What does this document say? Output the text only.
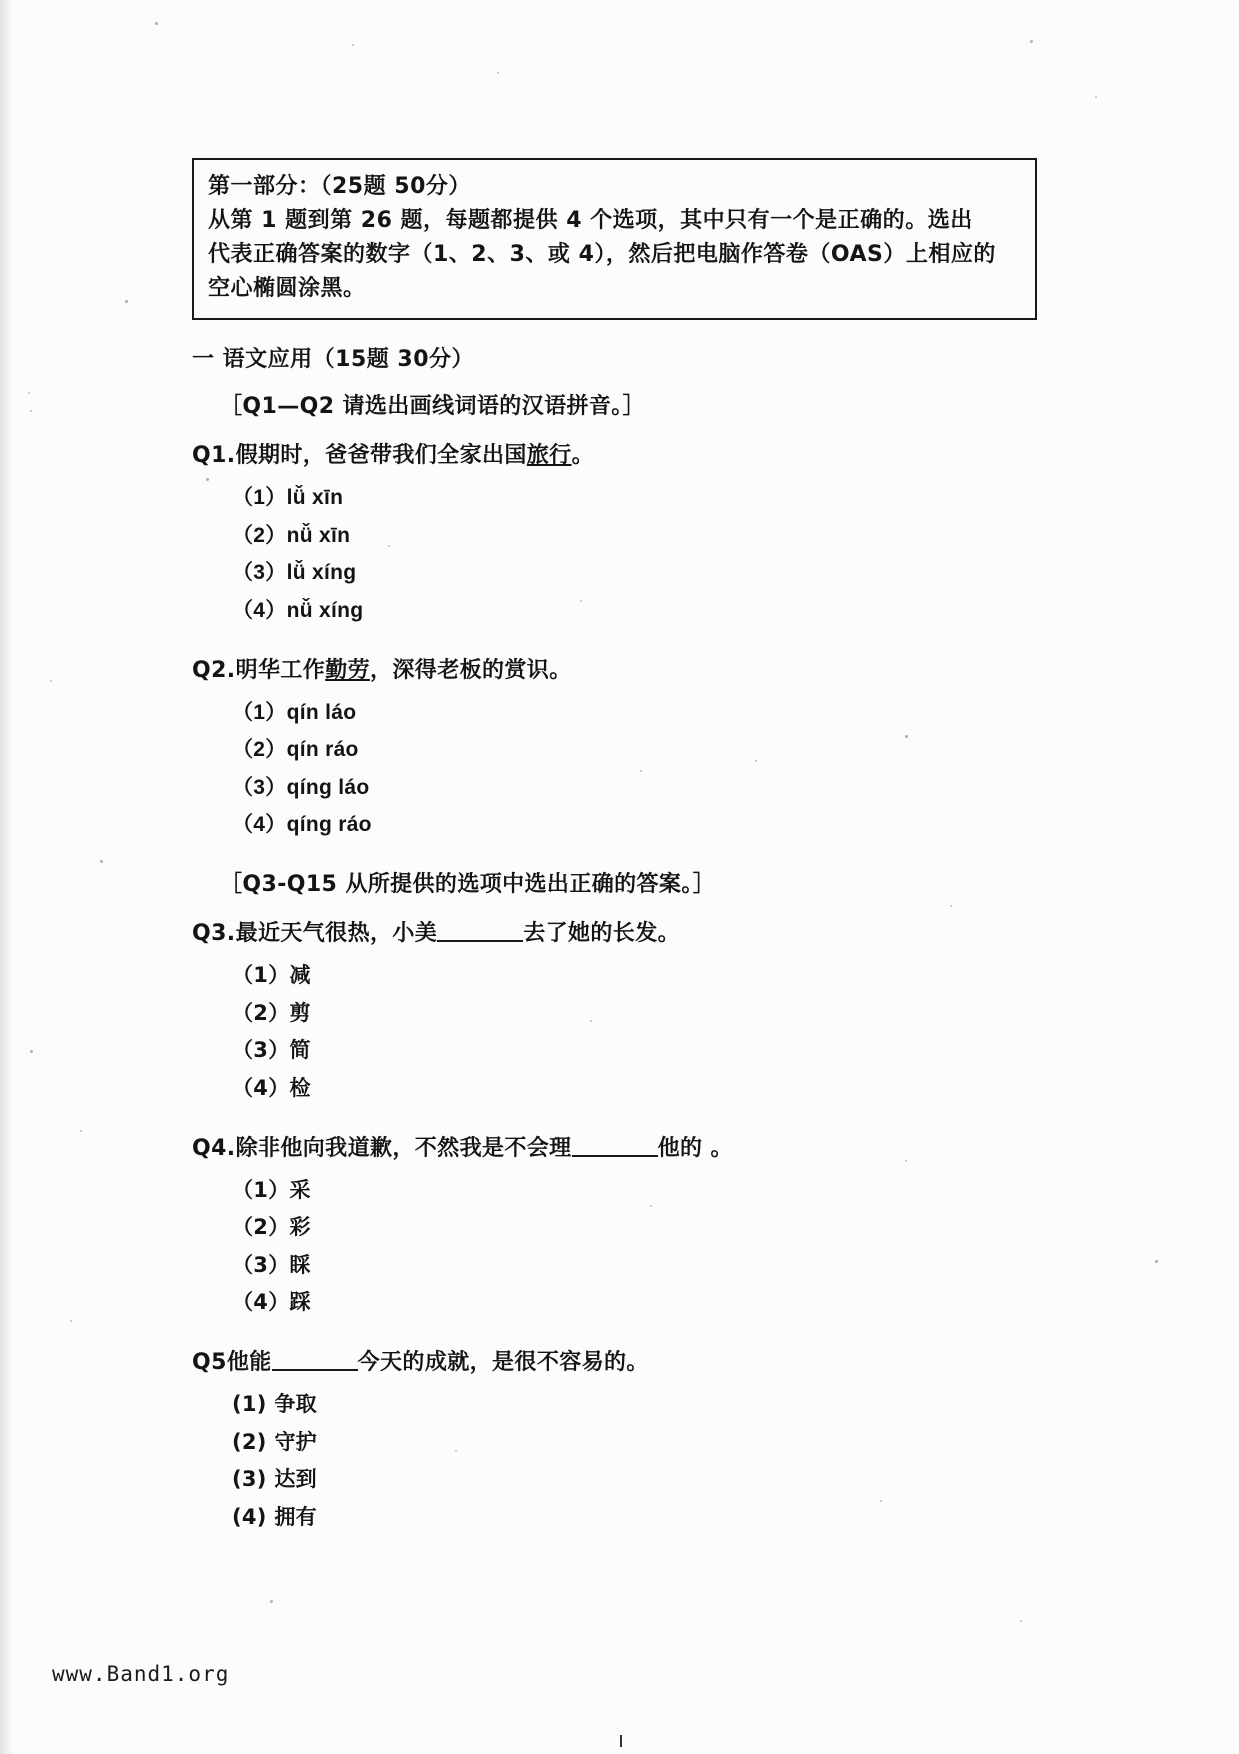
第一部分：（25题 50分）
从第 1 题到第 26 题，每题都提供 4 个选项，其中只有一个是正确的。选出
代表正确答案的数字（1、2、3、或 4），然后把电脑作答卷（OAS）上相应的
空心椭圆涂黑。

一 语文应用（15题 30分）

［Q1—Q2 请选出画线词语的汉语拼音。］

Q1.假期时，爸爸带我们全家出国旅行。

（1）lǚ xīn
（2）nǚ xīn
（3）lǚ xíng
（4）nǚ xíng

Q2.明华工作勤劳，深得老板的赏识。

（1）qín láo
（2）qín ráo
（3）qíng láo
（4）qíng ráo

［Q3-Q15 从所提供的选项中选出正确的答案。］

Q3.最近天气很热，小美	去了她的长发。

（1）减
（2）剪
（3）简
（4）检

Q4.除非他向我道歉，不然我是不会理	他的 。

（1）采
（2）彩
（3）睬
（4）踩

Q5他能	今天的成就，是很不容易的。

(1) 争取
(2) 守护
(3) 达到
(4) 拥有
www.Band1.org
